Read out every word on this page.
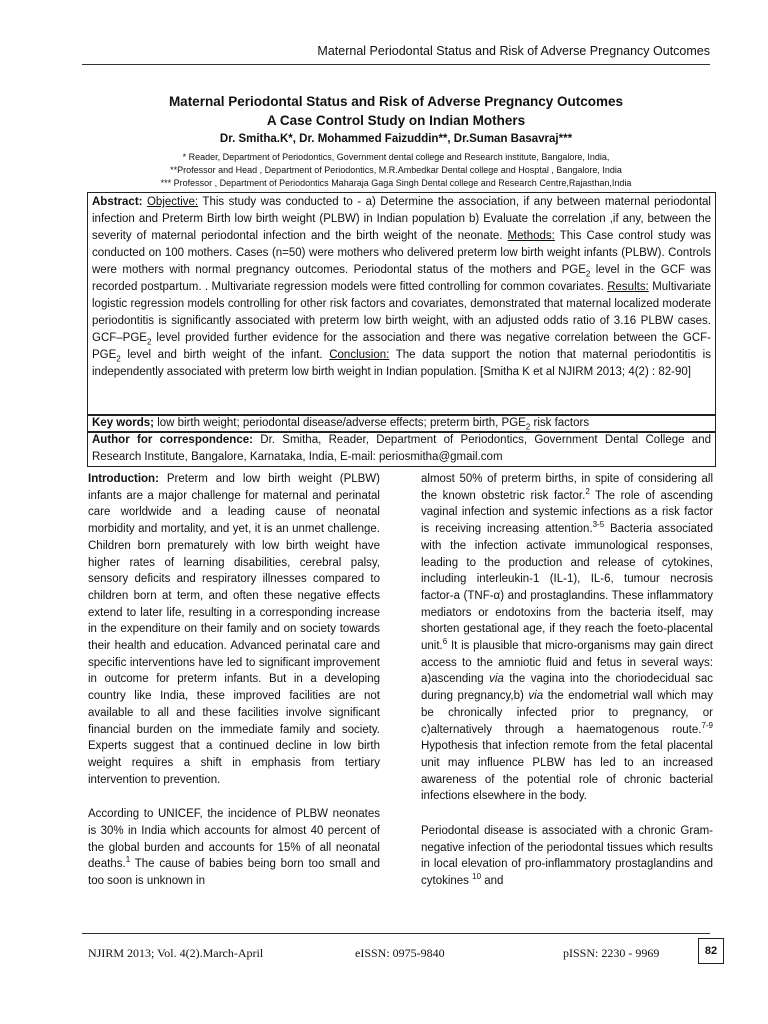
Maternal Periodontal Status and Risk of Adverse Pregnancy Outcomes
Maternal Periodontal Status and Risk of Adverse Pregnancy Outcomes
A Case Control Study on Indian Mothers
Dr. Smitha.K*, Dr. Mohammed Faizuddin**, Dr.Suman Basavraj***
* Reader, Department of Periodontics, Government dental college and Research institute, Bangalore, India,
**Professor and Head , Department of Periodontics, M.R.Ambedkar Dental college and Hosptal , Bangalore, India
*** Professor , Department of Periodontics Maharaja Gaga Singh Dental college and Research Centre,Rajasthan,India
Abstract: Objective: This study was conducted to - a) Determine the association, if any between maternal periodontal infection and Preterm Birth low birth weight (PLBW) in Indian population b) Evaluate the correlation ,if any, between the severity of maternal periodontal infection and the birth weight of the neonate. Methods: This Case control study was conducted on 100 mothers. Cases (n=50) were mothers who delivered preterm low birth weight infants (PLBW). Controls were mothers with normal pregnancy outcomes. Periodontal status of the mothers and $PGE_2$ level in the GCF was recorded postpartum. . Multivariate regression models were fitted controlling for common covariates. Results: Multivariate logistic regression models controlling for other risk factors and covariates, demonstrated that maternal localized moderate periodontitis is significantly associated with preterm low birth weight, with an adjusted odds ratio of 3.16 PLBW cases. GCF–$PGE_2$ level provided further evidence for the association and there was negative correlation between the GCF-$PGE_2$ level and birth weight of the infant. Conclusion: The data support the notion that maternal periodontitis is independently associated with preterm low birth weight in Indian population. [Smitha K et al NJIRM 2013; 4(2) : 82-90]
Key words; low birth weight; periodontal disease/adverse effects; preterm birth, $PGE_2$ risk factors
Author for correspondence: Dr. Smitha, Reader, Department of Periodontics, Government Dental College and Research Institute, Bangalore, Karnataka, India, E-mail: periosmitha@gmail.com

Introduction: Preterm and low birth weight (PLBW) infants are a major challenge for maternal and perinatal care worldwide and a leading cause of neonatal morbidity and mortality, and yet, it is an unmet challenge. Children born prematurely with low birth weight have higher rates of learning disabilities, cerebral palsy, sensory deficits and respiratory illnesses compared to children born at term, and often these negative effects extend to later life, resulting in a corresponding increase in the expenditure on their family and on society towards their health and education. Advanced perinatal care and specific interventions have led to significant improvement in outcome for preterm infants. But in a developing country like India, these improved facilities are not available to all and these facilities involve significant financial burden on the immediate family and society. Experts suggest that a continued decline in low birth weight requires a shift in emphasis from tertiary intervention to prevention.

According to UNICEF, the incidence of PLBW neonates is 30% in India which accounts for almost 40 percent of the global burden and accounts for 15% of all neonatal deaths.$^1$ The cause of babies being born too small and too soon is unknown in

almost 50% of preterm births, in spite of considering all the known obstetric risk factor.$^2$ The role of ascending vaginal infection and systemic infections as a risk factor is receiving increasing attention.$^{3-5}$ Bacteria associated with the infection activate immunological responses, leading to the production and release of cytokines, including interleukin-1 (IL-1), IL-6, tumour necrosis factor-a (TNF-α) and prostaglandins. These inflammatory mediators or endotoxins from the bacteria itself, may shorten gestational age, if they reach the foeto-placental unit.$^6$ It is plausible that micro-organisms may gain direct access to the amniotic fluid and fetus in several ways: a)ascending via the vagina into the choriodecidual sac during pregnancy,b) via the endometrial wall which may be chronically infected prior to pregnancy, or c)alternatively through a haematogenous route.$^{7-9}$ Hypothesis that infection remote from the fetal placental unit may influence PLBW has led to an increased awareness of the potential role of chronic bacterial infections elsewhere in the body.

Periodontal disease is associated with a chronic Gram-negative infection of the periodontal tissues which results in local elevation of pro-inflammatory prostaglandins and cytokines $^{10}$ and

NJIRM 2013; Vol. 4(2).March-April	eISSN: 0975-9840	pISSN: 2230 - 9969	82
